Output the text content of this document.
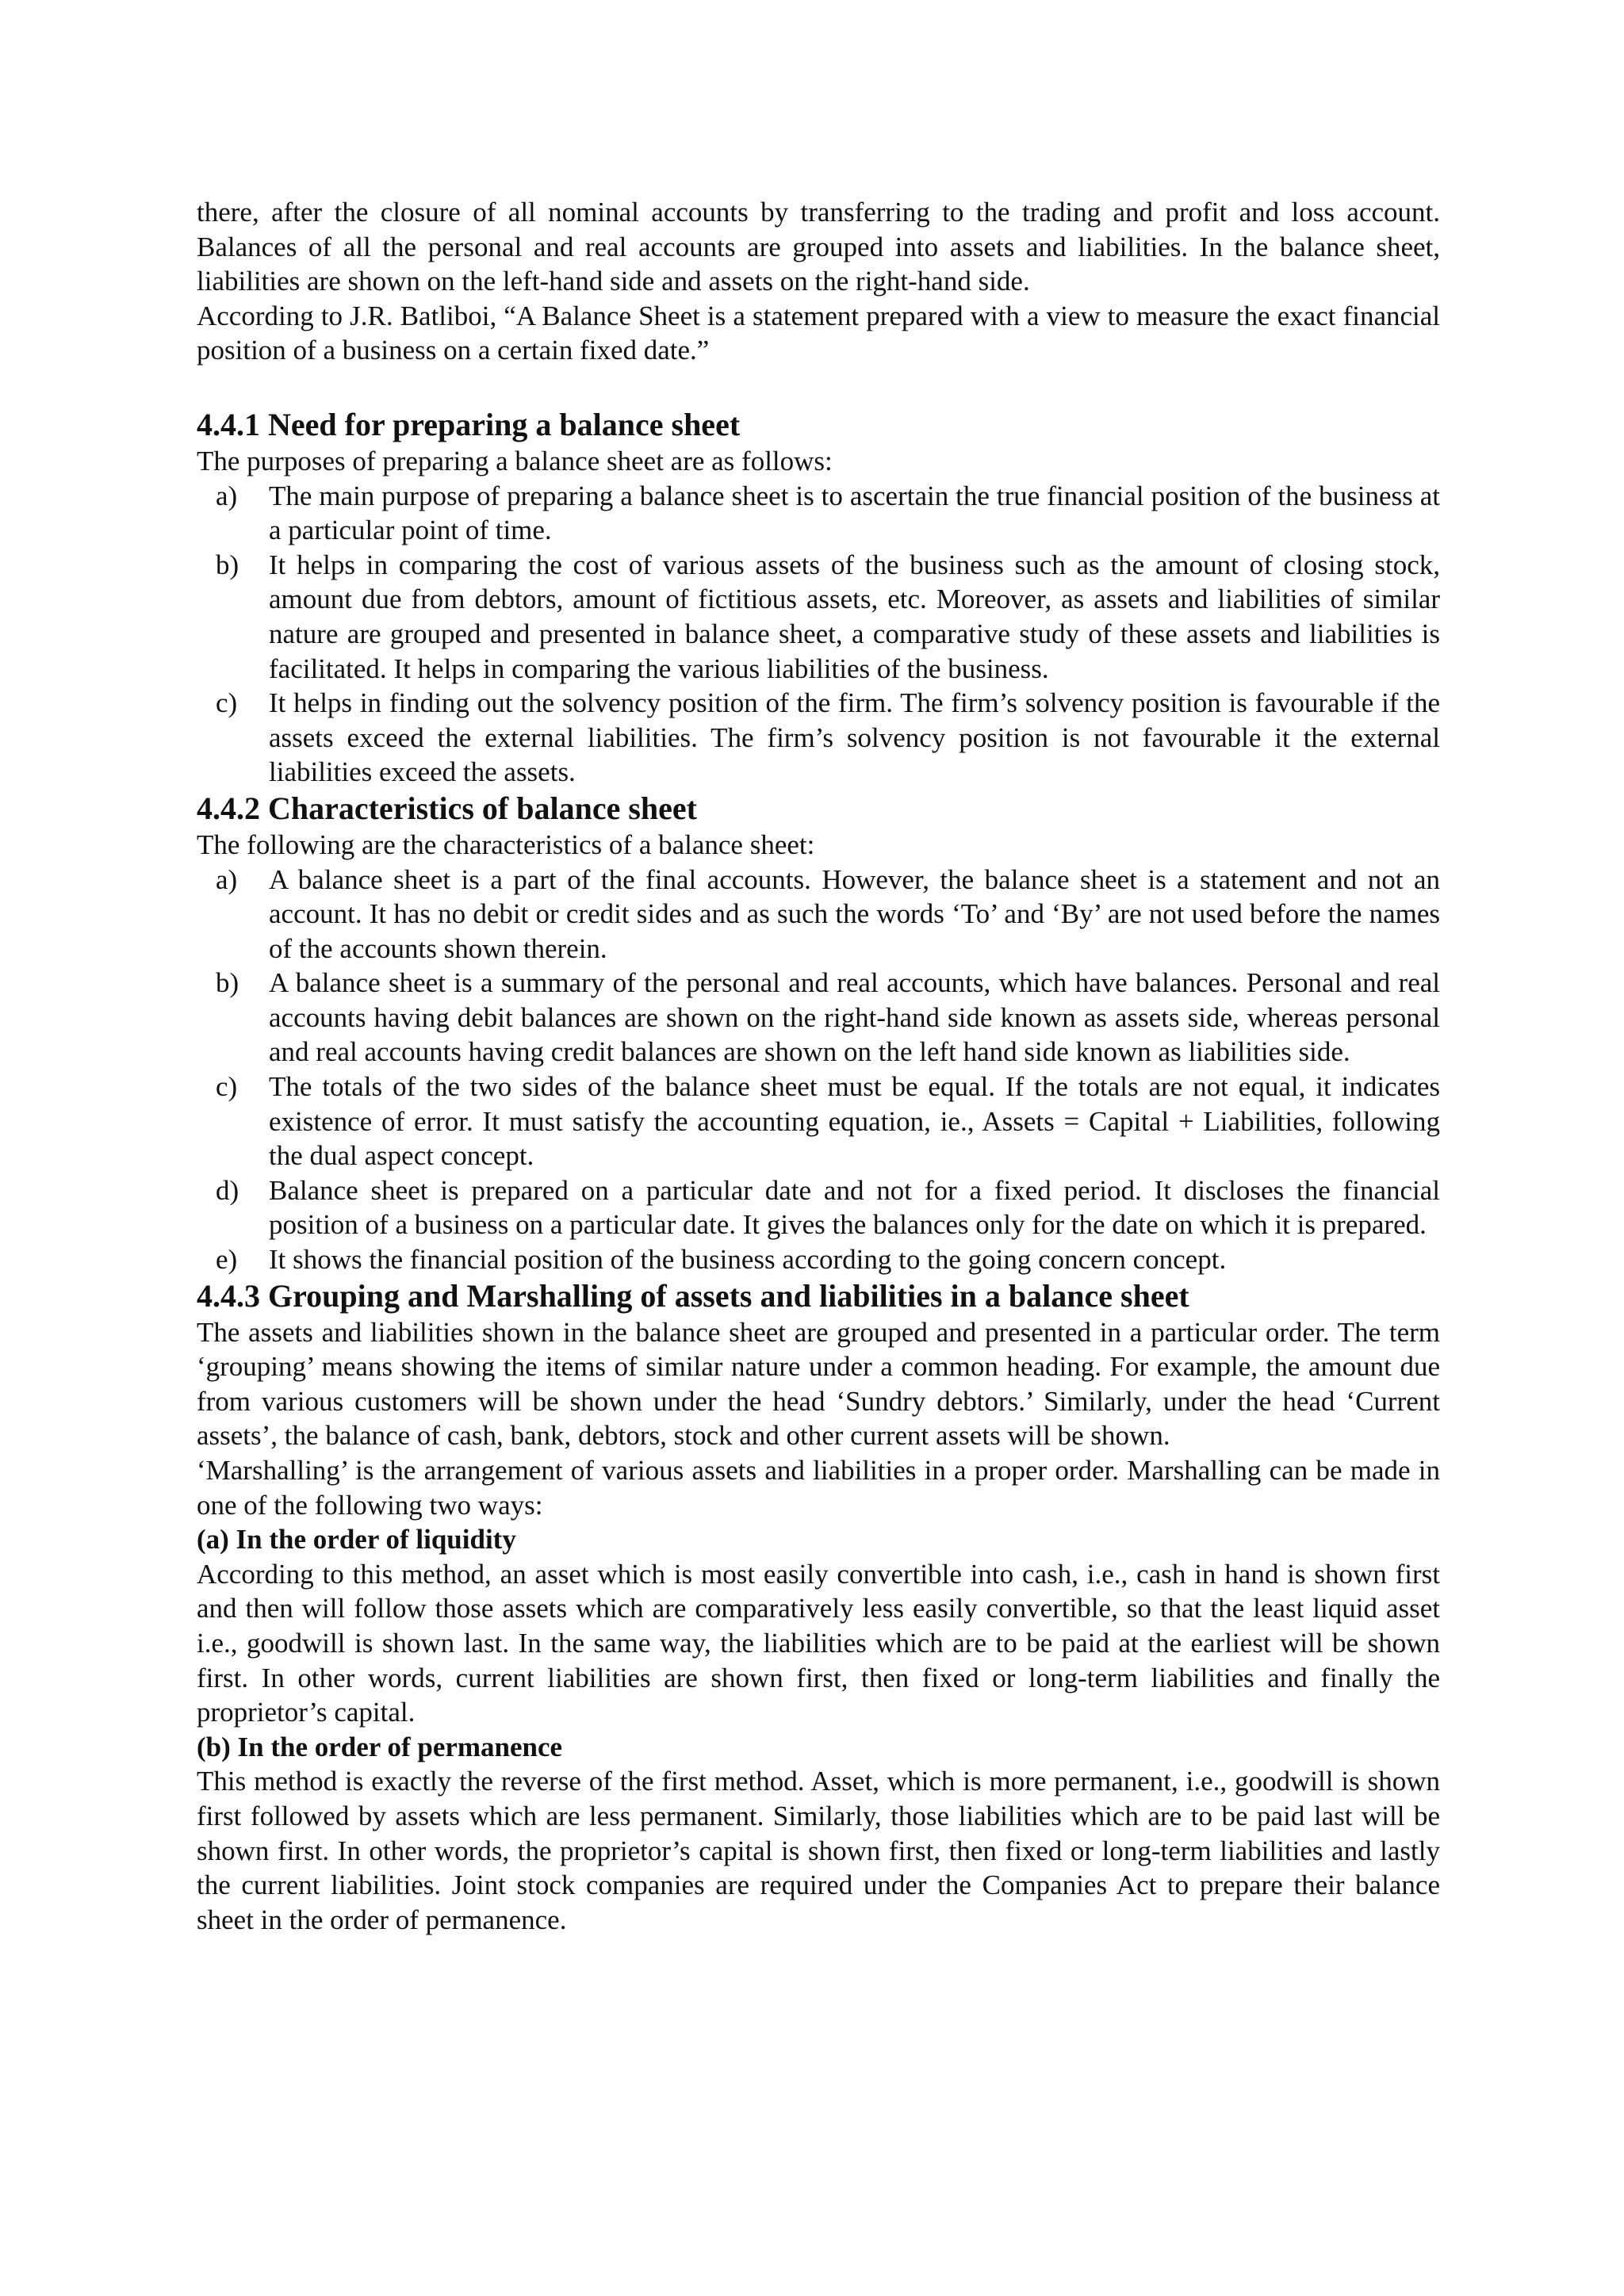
there, after the closure of all nominal accounts by transferring to the trading and profit and loss account. Balances of all the personal and real accounts are grouped into assets and liabilities. In the balance sheet, liabilities are shown on the left-hand side and assets on the right-hand side.

According to J.R. Batliboi, “A Balance Sheet is a statement prepared with a view to measure the exact financial position of a business on a certain fixed date.”

4.4.1 Need for preparing a balance sheet

The purposes of preparing a balance sheet are as follows:

a) The main purpose of preparing a balance sheet is to ascertain the true financial position of the business at a particular point of time.
b) It helps in comparing the cost of various assets of the business such as the amount of closing stock, amount due from debtors, amount of fictitious assets, etc. Moreover, as assets and liabilities of similar nature are grouped and presented in balance sheet, a comparative study of these assets and liabilities is facilitated. It helps in comparing the various liabilities of the business.
c) It helps in finding out the solvency position of the firm. The firm’s solvency position is favourable if the assets exceed the external liabilities. The firm’s solvency position is not favourable it the external liabilities exceed the assets.
4.4.2 Characteristics of balance sheet

The following are the characteristics of a balance sheet:

a) A balance sheet is a part of the final accounts. However, the balance sheet is a statement and not an account. It has no debit or credit sides and as such the words ‘To’ and ‘By’ are not used before the names of the accounts shown therein.
b) A balance sheet is a summary of the personal and real accounts, which have balances. Personal and real accounts having debit balances are shown on the right-hand side known as assets side, whereas personal and real accounts having credit balances are shown on the left hand side known as liabilities side.
c) The totals of the two sides of the balance sheet must be equal. If the totals are not equal, it indicates existence of error. It must satisfy the accounting equation, ie., Assets = Capital + Liabilities, following the dual aspect concept.
d) Balance sheet is prepared on a particular date and not for a fixed period. It discloses the financial position of a business on a particular date. It gives the balances only for the date on which it is prepared.
e) It shows the financial position of the business according to the going concern concept.
4.4.3 Grouping and Marshalling of assets and liabilities in a balance sheet

The assets and liabilities shown in the balance sheet are grouped and presented in a particular order. The term ‘grouping’ means showing the items of similar nature under a common heading. For example, the amount due from various customers will be shown under the head ‘Sundry debtors.’ Similarly, under the head ‘Current assets’, the balance of cash, bank, debtors, stock and other current assets will be shown.

‘Marshalling’ is the arrangement of various assets and liabilities in a proper order. Marshalling can be made in one of the following two ways:

(a) In the order of liquidity

According to this method, an asset which is most easily convertible into cash, i.e., cash in hand is shown first and then will follow those assets which are comparatively less easily convertible, so that the least liquid asset i.e., goodwill is shown last. In the same way, the liabilities which are to be paid at the earliest will be shown first. In other words, current liabilities are shown first, then fixed or long-term liabilities and finally the proprietor’s capital.

(b) In the order of permanence

This method is exactly the reverse of the first method. Asset, which is more permanent, i.e., goodwill is shown first followed by assets which are less permanent. Similarly, those liabilities which are to be paid last will be shown first. In other words, the proprietor’s capital is shown first, then fixed or long-term liabilities and lastly the current liabilities. Joint stock companies are required under the Companies Act to prepare their balance sheet in the order of permanence.
